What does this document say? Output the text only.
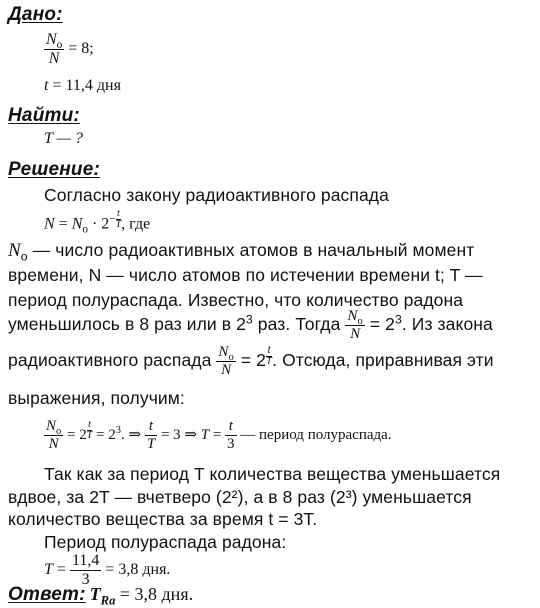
Дано:
$\frac{N_o}{N} = 8$;
t = 11,4 дня
Найти:
T — ?
Решение:
Согласно закону радиоактивного распада
$N = N_o \cdot 2^{- \frac{t}{T}}$ , где
$N_o$ — число радиоактивных атомов в начальный момент
времени, N — число атомов по истечении времени t; T —
период полураспада. Известно, что количество радона
уменьшилось в 8 раз или в $2^3$ раз. Тогда $\frac{N_o}{N} = 2^3$. Из закона
радиоактивного распада $\frac{N_o}{N} = 2$ $^{\frac{t}{T}}$ . Отсюда, приравнивая эти
выражения, получим:
$\frac{N_o}{N} = 2$ $^{\frac{t}{T}} = 2^3$. ⇒ $\frac{t}{T} = 3$ ⇒ $T = \frac{t}{3}$ — период полураспада.
Так как за период T количества вещества уменьшается
вдвое, за 2T — вчетверо (2²), а в 8 раз (2³) уменьшается
количество вещества за время t = 3T.
Период полураспада радона:
$T = \frac{11,4}{3} = 3,8$ дня.
Ответ: $T_{Ra} = 3,8$ дня.
